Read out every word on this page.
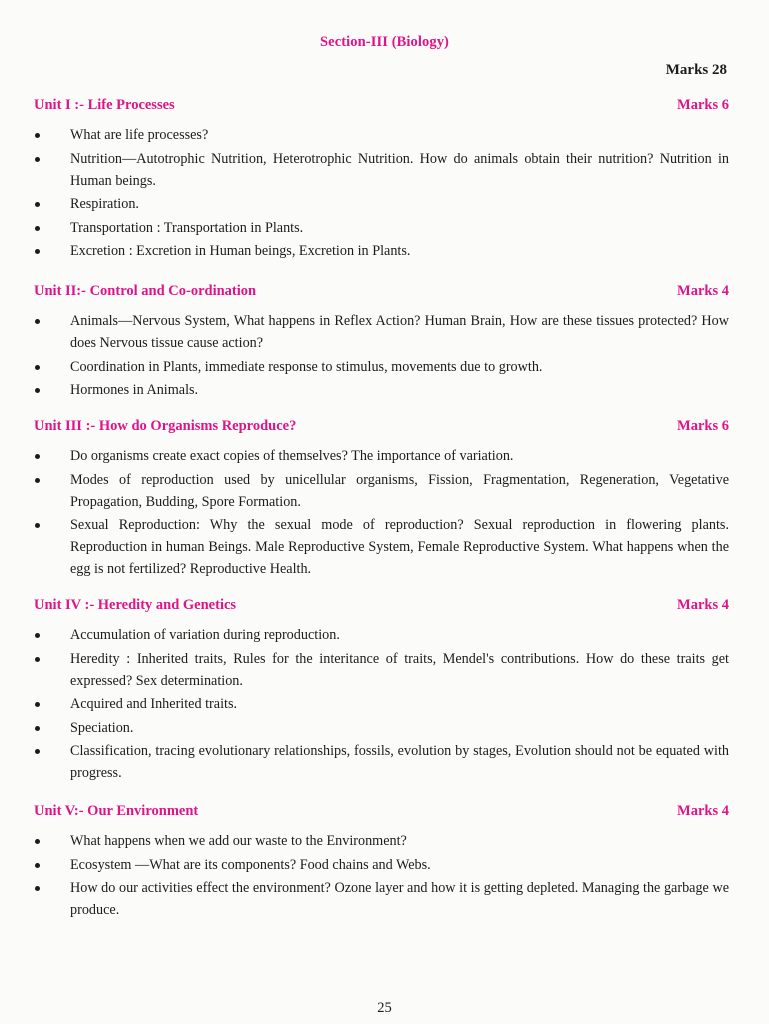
Section-III (Biology)
Marks 28
Unit I :- Life Processes	Marks 6
What are life processes?
Nutrition—Autotrophic Nutrition, Heterotrophic Nutrition. How do animals obtain their nutrition? Nutrition in Human beings.
Respiration.
Transportation : Transportation in Plants.
Excretion : Excretion in Human beings, Excretion in Plants.
Unit II:- Control and Co-ordination	Marks 4
Animals—Nervous System, What happens in Reflex Action? Human Brain, How are these tissues protected? How does Nervous tissue cause action?
Coordination in Plants, immediate response to stimulus, movements due to growth.
Hormones in Animals.
Unit III :- How do Organisms Reproduce?	Marks 6
Do organisms create exact copies of themselves? The importance of variation.
Modes of reproduction used by unicellular organisms, Fission, Fragmentation, Regeneration, Vegetative Propagation, Budding, Spore Formation.
Sexual Reproduction: Why the sexual mode of reproduction? Sexual reproduction in flowering plants. Reproduction in human Beings. Male Reproductive System, Female Reproductive System. What happens when the egg is not fertilized? Reproductive Health.
Unit IV :- Heredity and Genetics	Marks 4
Accumulation of variation during reproduction.
Heredity : Inherited traits, Rules for the interitance of traits, Mendel's contributions. How do these traits get expressed? Sex determination.
Acquired and Inherited traits.
Speciation.
Classification, tracing evolutionary relationships, fossils, evolution by stages, Evolution should not be equated with progress.
Unit V:- Our Environment	Marks 4
What happens when we add our waste to the Environment?
Ecosystem —What are its components? Food chains and Webs.
How do our activities effect the environment? Ozone layer and how it is getting depleted. Managing the garbage we produce.
25
